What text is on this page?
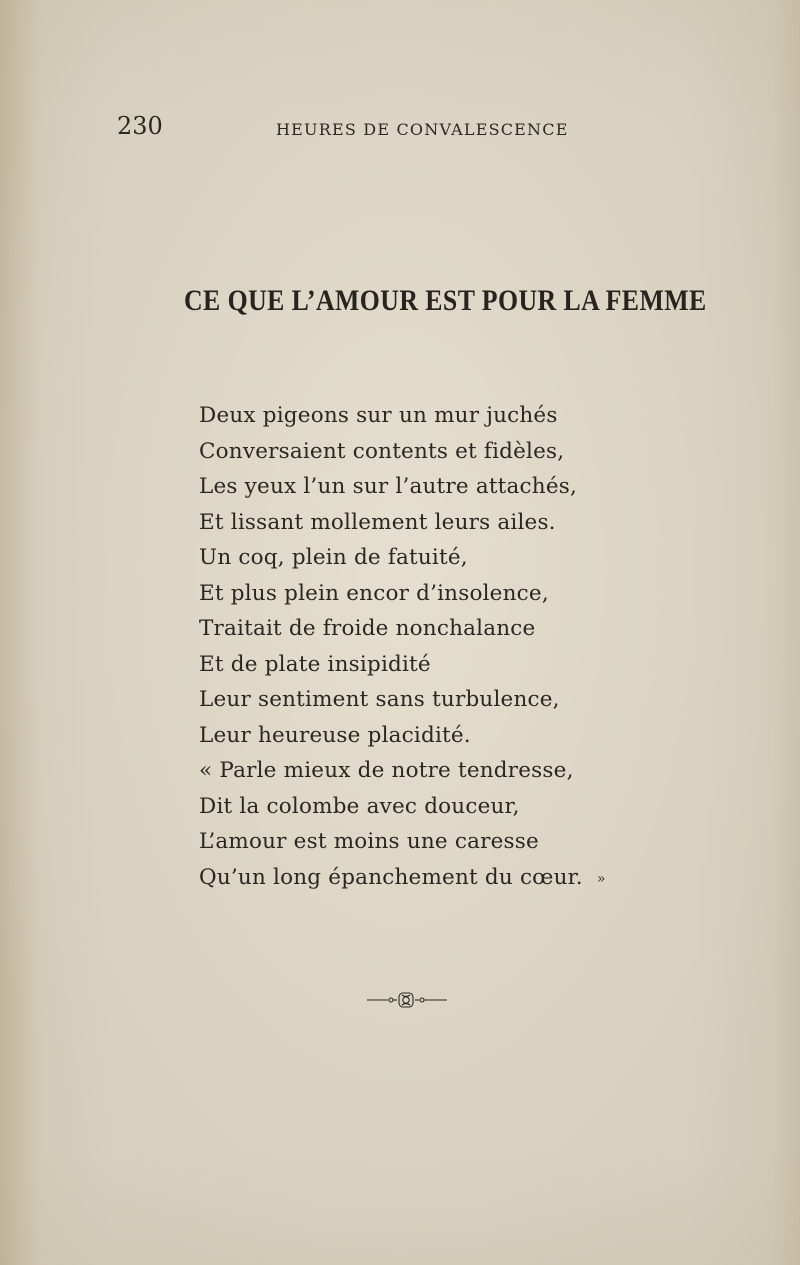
230	HEURES DE CONVALESCENCE
CE QUE L’AMOUR EST POUR LA FEMME
Deux pigeons sur un mur juchés
Conversaient contents et fidèles,
Les yeux l’un sur l’autre attachés,
Et lissant mollement leurs ailes.
Un coq, plein de fatuité,
Et plus plein encor d’insolence,
Traitait de froide nonchalance
Et de plate insipidité
Leur sentiment sans turbulence,
Leur heureuse placidité.
« Parle mieux de notre tendresse,
Dit la colombe avec douceur,
L’amour est moins une caresse
Qu’un long épanchement du cœur. »
